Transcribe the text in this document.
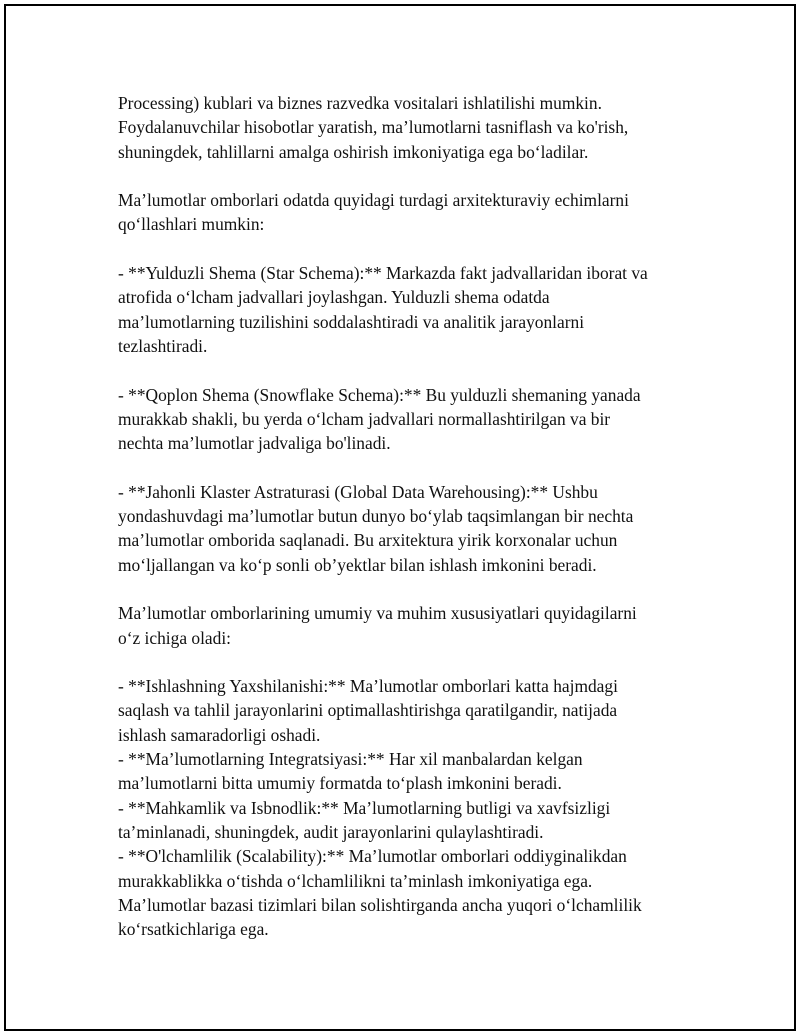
Processing) kublari va biznes razvedka vositalari ishlatilishi mumkin.
Foydalanuvchilar hisobotlar yaratish, ma’lumotlarni tasniflash va ko'rish,
shuningdek, tahlillarni amalga oshirish imkoniyatiga ega bo‘ladilar.
Ma’lumotlar omborlari odatda quyidagi turdagi arxitekturaviy echimlarni
qo‘llashlari mumkin:
- **Yulduzli Shema (Star Schema):** Markazda fakt jadvallaridan iborat va
atrofida o‘lcham jadvallari joylashgan. Yulduzli shema odatda
ma’lumotlarning tuzilishini soddalashtiradi va analitik jarayonlarni
tezlashtiradi.
- **Qoplon Shema (Snowflake Schema):** Bu yulduzli shemaning yanada
murakkab shakli, bu yerda o‘lcham jadvallari normallashtirilgan va bir
nechta ma’lumotlar jadvaliga bo'linadi.
- **Jahonli Klaster Astraturasi (Global Data Warehousing):** Ushbu
yondashuvdagi ma’lumotlar butun dunyo bo‘ylab taqsimlangan bir nechta
ma’lumotlar omborida saqlanadi. Bu arxitektura yirik korxonalar uchun
mo‘ljallangan va ko‘p sonli ob’yektlar bilan ishlash imkonini beradi.
Ma’lumotlar omborlarining umumiy va muhim xususiyatlari quyidagilarni
o‘z ichiga oladi:
- **Ishlashning Yaxshilanishi:** Ma’lumotlar omborlari katta hajmdagi
saqlash va tahlil jarayonlarini optimallashtirishga qaratilgandir, natijada
ishlash samaradorligi oshadi.
- **Ma’lumotlarning Integratsiyasi:** Har xil manbalardan kelgan
ma’lumotlarni bitta umumiy formatda to‘plash imkonini beradi.
- **Mahkamlik va Isbnodlik:** Ma’lumotlarning butligi va xavfsizligi
ta’minlanadi, shuningdek, audit jarayonlarini qulaylashtiradi.
- **O'lchamlilik (Scalability):** Ma’lumotlar omborlari oddiyginalikdan
murakkablikka o‘tishda o‘lchamlilikni ta’minlash imkoniyatiga ega.
Ma’lumotlar bazasi tizimlari bilan solishtirganda ancha yuqori o‘lchamlilik
ko‘rsatkichlariga ega.
